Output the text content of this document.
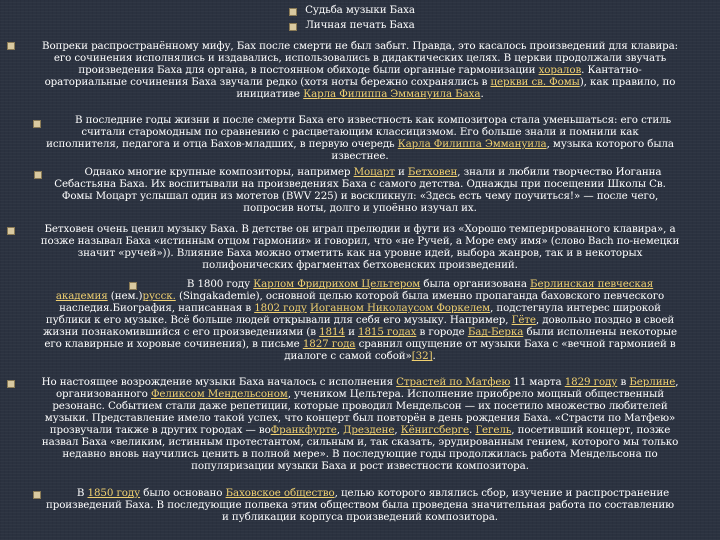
Судьба музыки Баха
Личная печать Баха
Вопреки распространённому мифу, Бах после смерти не был забыт. Правда, это касалось произведений для клавира:
его сочинения исполнялись и издавались, использовались в дидактических целях. В церкви продолжали звучать
произведения Баха для органа, в постоянном обиходе были органные гармонизации хоралов. Кантатно-
ораториальные сочинения Баха звучали редко (хотя ноты бережно сохранялись в церкви св. Фомы), как правило, по
инициативе Карла Филиппа Эммануила Баха.
В последние годы жизни и после смерти Баха его известность как композитора стала уменьшаться: его стиль
считали старомодным по сравнению с расцветающим классицизмом. Его больше знали и помнили как
исполнителя, педагога и отца Бахов-младших, в первую очередь Карла Филиппа Эммануила, музыка которого была
известнее.
Однако многие крупные композиторы, например Моцарт и Бетховен, знали и любили творчество Иоганна
Себастьяна Баха. Их воспитывали на произведениях Баха с самого детства. Однажды при посещении Школы Св.
Фомы Моцарт услышал один из мотетов (BWV 225) и воскликнул: «Здесь есть чему поучиться!» — после чего,
попросив ноты, долго и упоённо изучал их.
Бетховен очень ценил музыку Баха. В детстве он играл прелюдии и фуги из «Хорошо темперированного клавира», а
позже называл Баха «истинным отцом гармонии» и говорил, что «не Ручей, а Море ему имя» (слово Bach по-немецки
значит «ручей»)). Влияние Баха можно отметить как на уровне идей, выбора жанров, так и в некоторых
полифонических фрагментах бетховенских произведений.
В 1800 году Карлом Фридрихом Цельтером была организована Берлинская певческая
академия (нем.)русск. (Singakademie), основной целью которой была именно пропаганда баховского певческого
наследия.Биография, написанная в 1802 году Иоганном Николаусом Форкелем, подстегнула интерес широкой
публики к его музыке. Всё больше людей открывали для себя его музыку. Например, Гёте, довольно поздно в своей
жизни познакомившийся с его произведениями (в 1814 и 1815 годах в городе Бад-Берка были исполнены некоторые
его клавирные и хоровые сочинения), в письме 1827 года сравнил ощущение от музыки Баха с «вечной гармонией в
диалоге с самой собой»[32].
Но настоящее возрождение музыки Баха началось с исполнения Страстей по Матфею 11 марта 1829 году в Берлине,
организованного Феликсом Мендельсоном, учеником Цельтера. Исполнение приобрело мощный общественный
резонанс. Событием стали даже репетиции, которые проводил Мендельсон — их посетило множество любителей
музыки. Представление имело такой успех, что концерт был повторён в день рождения Баха. «Страсти по Матфею»
прозвучали также в других городах — воФранкфурте, Дрездене, Кёнигсберге. Гегель, посетивший концерт, позже
назвал Баха «великим, истинным протестантом, сильным и, так сказать, эрудированным гением, которого мы только
недавно вновь научились ценить в полной мере». В последующие годы продолжилась работа Мендельсона по
популяризации музыки Баха и рост известности композитора.
В 1850 году было основано Баховское общество, целью которого являлись сбор, изучение и распространение
произведений Баха. В последующие полвека этим обществом была проведена значительная работа по составлению
и публикации корпуса произведений композитора.
